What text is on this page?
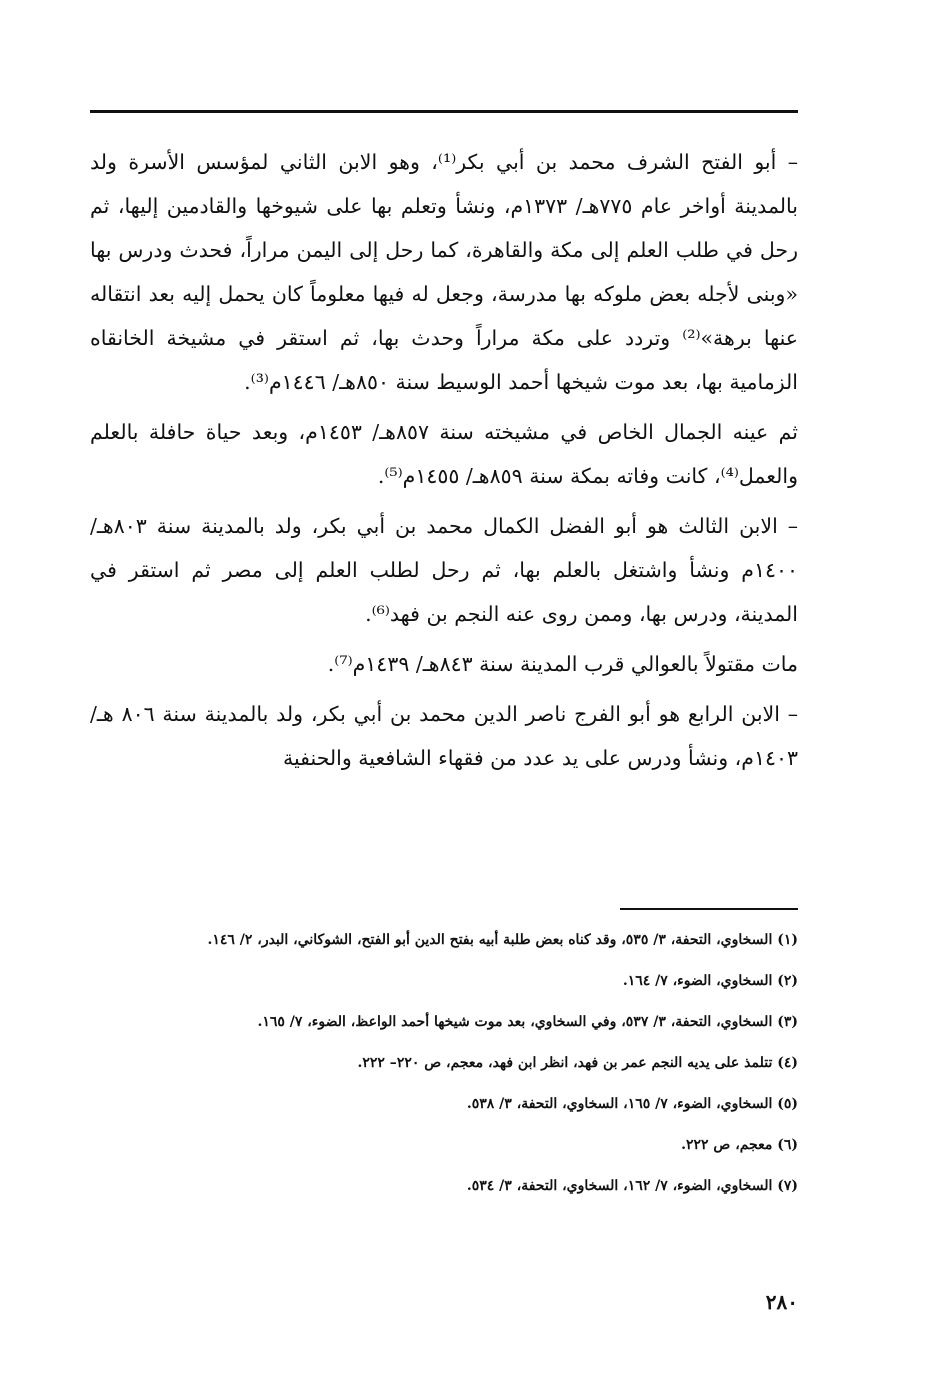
– أبو الفتح الشرف محمد بن أبي بكر⁽¹⁾، وهو الابن الثاني لمؤسس الأسرة ولد بالمدينة أواخر عام ٧٧٥هـ/ ١٣٧٣م، ونشأ وتعلم بها على شيوخها والقادمين إليها، ثم رحل في طلب العلم إلى مكة والقاهرة، كما رحل إلى اليمن مراراً، فحدث ودرس بها «وبنى لأجله بعض ملوكه بها مدرسة، وجعل له فيها معلوماً كان يحمل إليه بعد انتقاله عنها برهة»⁽²⁾ وتردد على مكة مراراً وحدث بها، ثم استقر في مشيخة الخانقاه الزمامية بها، بعد موت شيخها أحمد الوسيط سنة ٨٥٠هـ/ ١٤٤٦م⁽³⁾.

ثم عينه الجمال الخاص في مشيخته سنة ٨٥٧هـ/ ١٤٥٣م، وبعد حياة حافلة بالعلم والعمل⁽⁴⁾، كانت وفاته بمكة سنة ٨٥٩هـ/ ١٤٥٥م⁽⁵⁾.

– الابن الثالث هو أبو الفضل الكمال محمد بن أبي بكر، ولد بالمدينة سنة ٨٠٣هـ/ ١٤٠٠م ونشأ واشتغل بالعلم بها، ثم رحل لطلب العلم إلى مصر ثم استقر في المدينة، ودرس بها، وممن روى عنه النجم بن فهد⁽⁶⁾.

مات مقتولاً بالعوالي قرب المدينة سنة ٨٤٣هـ/ ١٤٣٩م⁽⁷⁾.

– الابن الرابع هو أبو الفرج ناصر الدين محمد بن أبي بكر، ولد بالمدينة سنة ٨٠٦ هـ/ ١٤٠٣م، ونشأ ودرس على يد عدد من فقهاء الشافعية والحنفية

(١) السخاوي، التحفة، ٣/ ٥٣٥، وقد كناه بعض طلبة أبيه بفتح الدين أبو الفتح، الشوكاني، البدر، ٢/ ١٤٦.

(٢) السخاوي، الضوء، ٧/ ١٦٤.

(٣) السخاوي، التحفة، ٣/ ٥٣٧، وفي السخاوي، بعد موت شيخها أحمد الواعظ، الضوء، ٧/ ١٦٥.

(٤) تتلمذ على يديه النجم عمر بن فهد، انظر ابن فهد، معجم، ص ٢٢٠– ٢٢٢.

(٥) السخاوي، الضوء، ٧/ ١٦٥، السخاوي، التحفة، ٣/ ٥٣٨.

(٦) معجم، ص ٢٢٢.

(٧) السخاوي، الضوء، ٧/ ١٦٢، السخاوي، التحفة، ٣/ ٥٣٤.

٢٨٠
